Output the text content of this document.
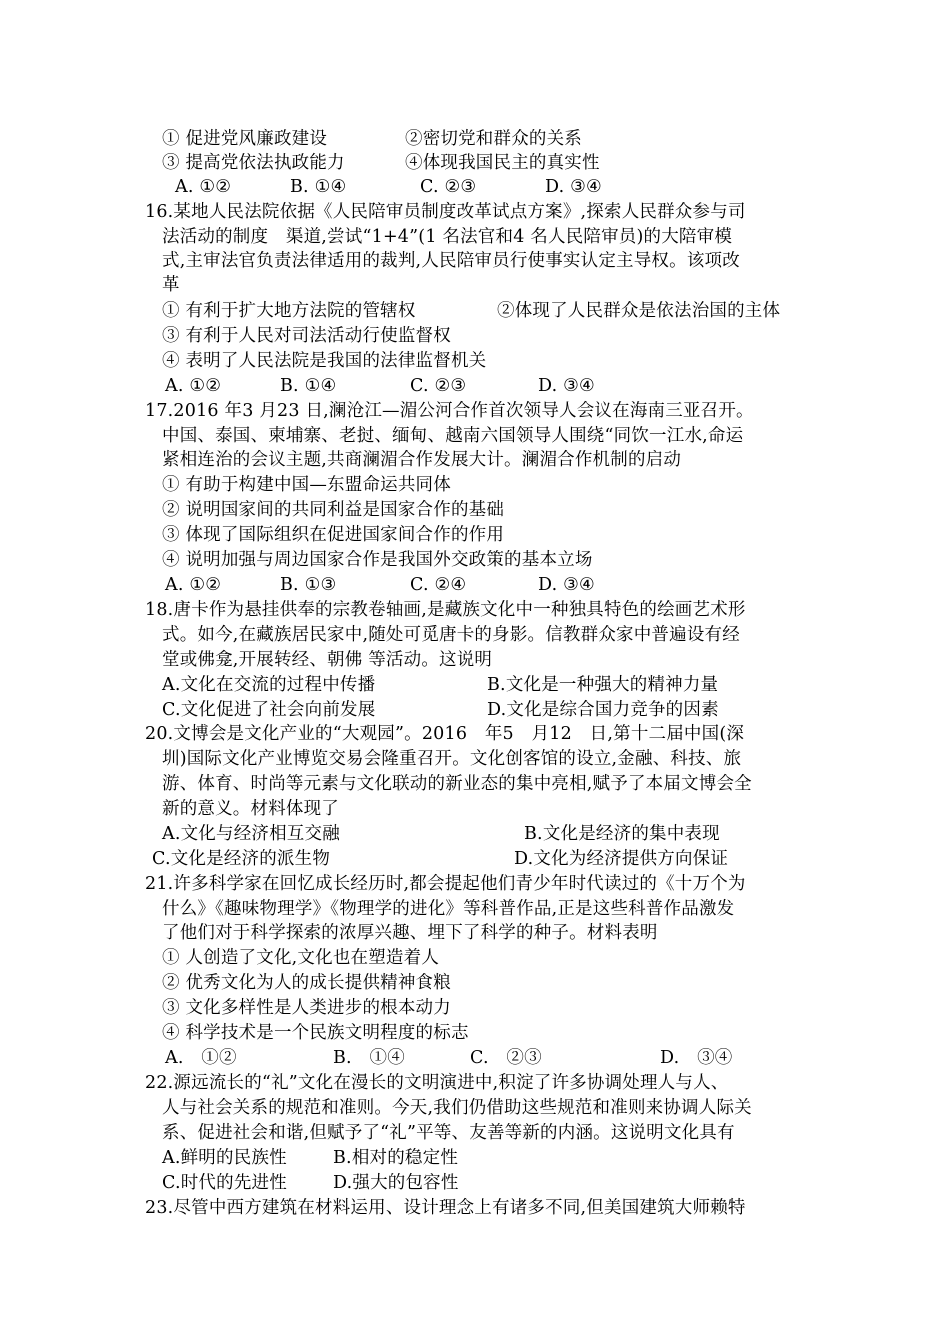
① 促进党风廉政建设	②密切党和群众的关系
③ 提高党依法执政能力	④体现我国民主的真实性
A. ①②	B. ①④	C. ②③	D. ③④
16.某地人民法院依据《人民陪审员制度改革试点方案》,探索人民群众参与司
法活动的制度　渠道,尝试“1+4”(1 名法官和4 名人民陪审员)的大陪审模
式,主审法官负责法律适用的裁判,人民陪审员行使事实认定主导权。该项改
革
① 有利于扩大地方法院的管辖权	②体现了人民群众是依法治国的主体
③ 有利于人民对司法活动行使监督权
④ 表明了人民法院是我国的法律监督机关
A. ①②	B. ①④	C. ②③	D. ③④
17.2016 年3 月23 日,澜沧江—湄公河合作首次领导人会议在海南三亚召开。
中国、泰国、柬埔寨、老挝、缅甸、越南六国领导人围绕“同饮一江水,命运
紧相连治的会议主题,共商澜湄合作发展大计。澜湄合作机制的启动
① 有助于构建中国—东盟命运共同体
② 说明国家间的共同利益是国家合作的基础
③ 体现了国际组织在促进国家间合作的作用
④ 说明加强与周边国家合作是我国外交政策的基本立场
A. ①②	B. ①③	C. ②④	D. ③④
18.唐卡作为悬挂供奉的宗教卷轴画,是藏族文化中一种独具特色的绘画艺术形
式。如今,在藏族居民家中,随处可觅唐卡的身影。信教群众家中普遍设有经
堂或佛龛,开展转经、朝佛 等活动。这说明
A.文化在交流的过程中传播	B.文化是一种强大的精神力量
C.文化促进了社会向前发展	D.文化是综合国力竞争的因素
20.文博会是文化产业的“大观园”。2016　年5　月12　日,第十二届中国(深
圳)国际文化产业博览交易会隆重召开。文化创客馆的设立,金融、科技、旅
游、体育、时尚等元素与文化联动的新业态的集中亮相,赋予了本届文博会全
新的意义。材料体现了
A.文化与经济相互交融	B.文化是经济的集中表现
C.文化是经济的派生物	D.文化为经济提供方向保证
21.许多科学家在回忆成长经历时,都会提起他们青少年时代读过的《十万个为
什么》《趣味物理学》《物理学的进化》等科普作品,正是这些科普作品激发
了他们对于科学探索的浓厚兴趣、埋下了科学的种子。材料表明
① 人创造了文化,文化也在塑造着人
② 优秀文化为人的成长提供精神食粮
③ 文化多样性是人类进步的根本动力
④ 科学技术是一个民族文明程度的标志
A.　①②	B.　①④	C.　②③	D.　③④
22.源远流长的“礼”文化在漫长的文明演进中,积淀了许多协调处理人与人、
人与社会关系的规范和准则。今天,我们仍借助这些规范和准则来协调人际关
系、促进社会和谐,但赋予了“礼”平等、友善等新的内涵。这说明文化具有
A.鲜明的民族性	B.相对的稳定性
C.时代的先进性	D.强大的包容性
23.尽管中西方建筑在材料运用、设计理念上有诸多不同,但美国建筑大师赖特
